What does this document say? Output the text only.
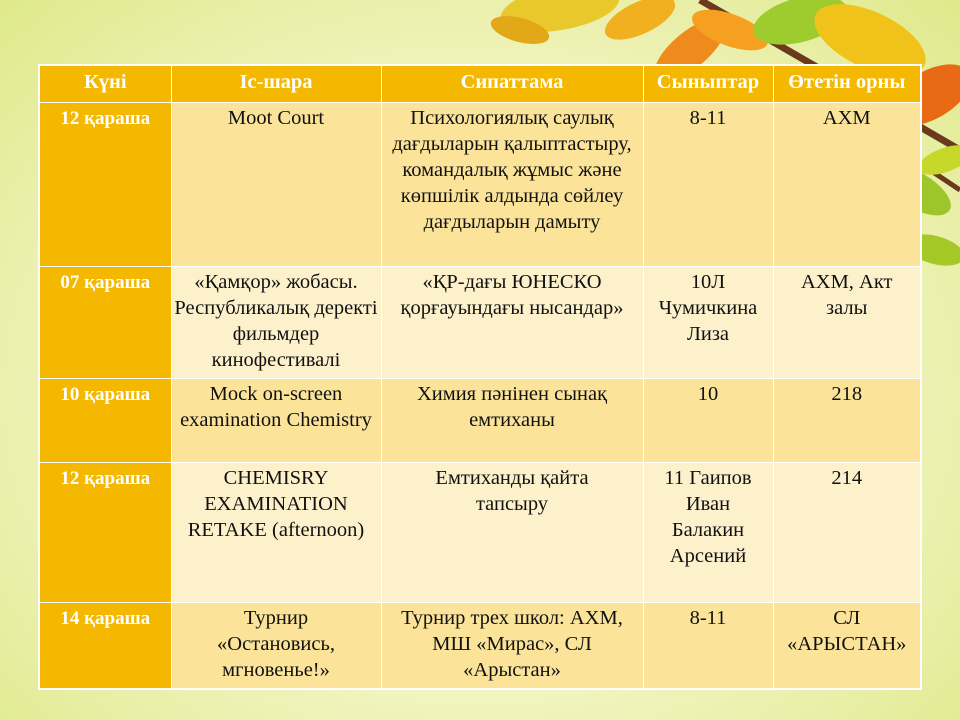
Күні	Іс-шара	Сипаттама	Сыныптар	Өтетін орны
12 қараша	Moot Court	Психологиялық саулық дағдыларын қалыптастыру, командалық жұмыс және көпшілік алдында сөйлеу дағдыларын дамыту	8-11	АХМ
07 қараша	«Қамқор» жобасы. Республикалық деректі фильмдер кинофестивалі	«ҚР-дағы ЮНЕСКО қорғауындағы нысандар»	10Л Чумичкина Лиза	АХМ, Акт залы
10 қараша	Mock on-screen examination Chemistry	Химия пәнінен сынақ емтиханы	10	218
12 қараша	CHEMISRY EXAMINATION RETAKE (afternoon)	Емтиханды қайта тапсыру	11 Гаипов Иван Балакин Арсений	214
14 қараша	Турнир «Остановись, мгновенье!»	Турнир трех школ: АХМ, МШ «Мирас», СЛ «Арыстан»	8-11	СЛ «АРЫСТАН»
